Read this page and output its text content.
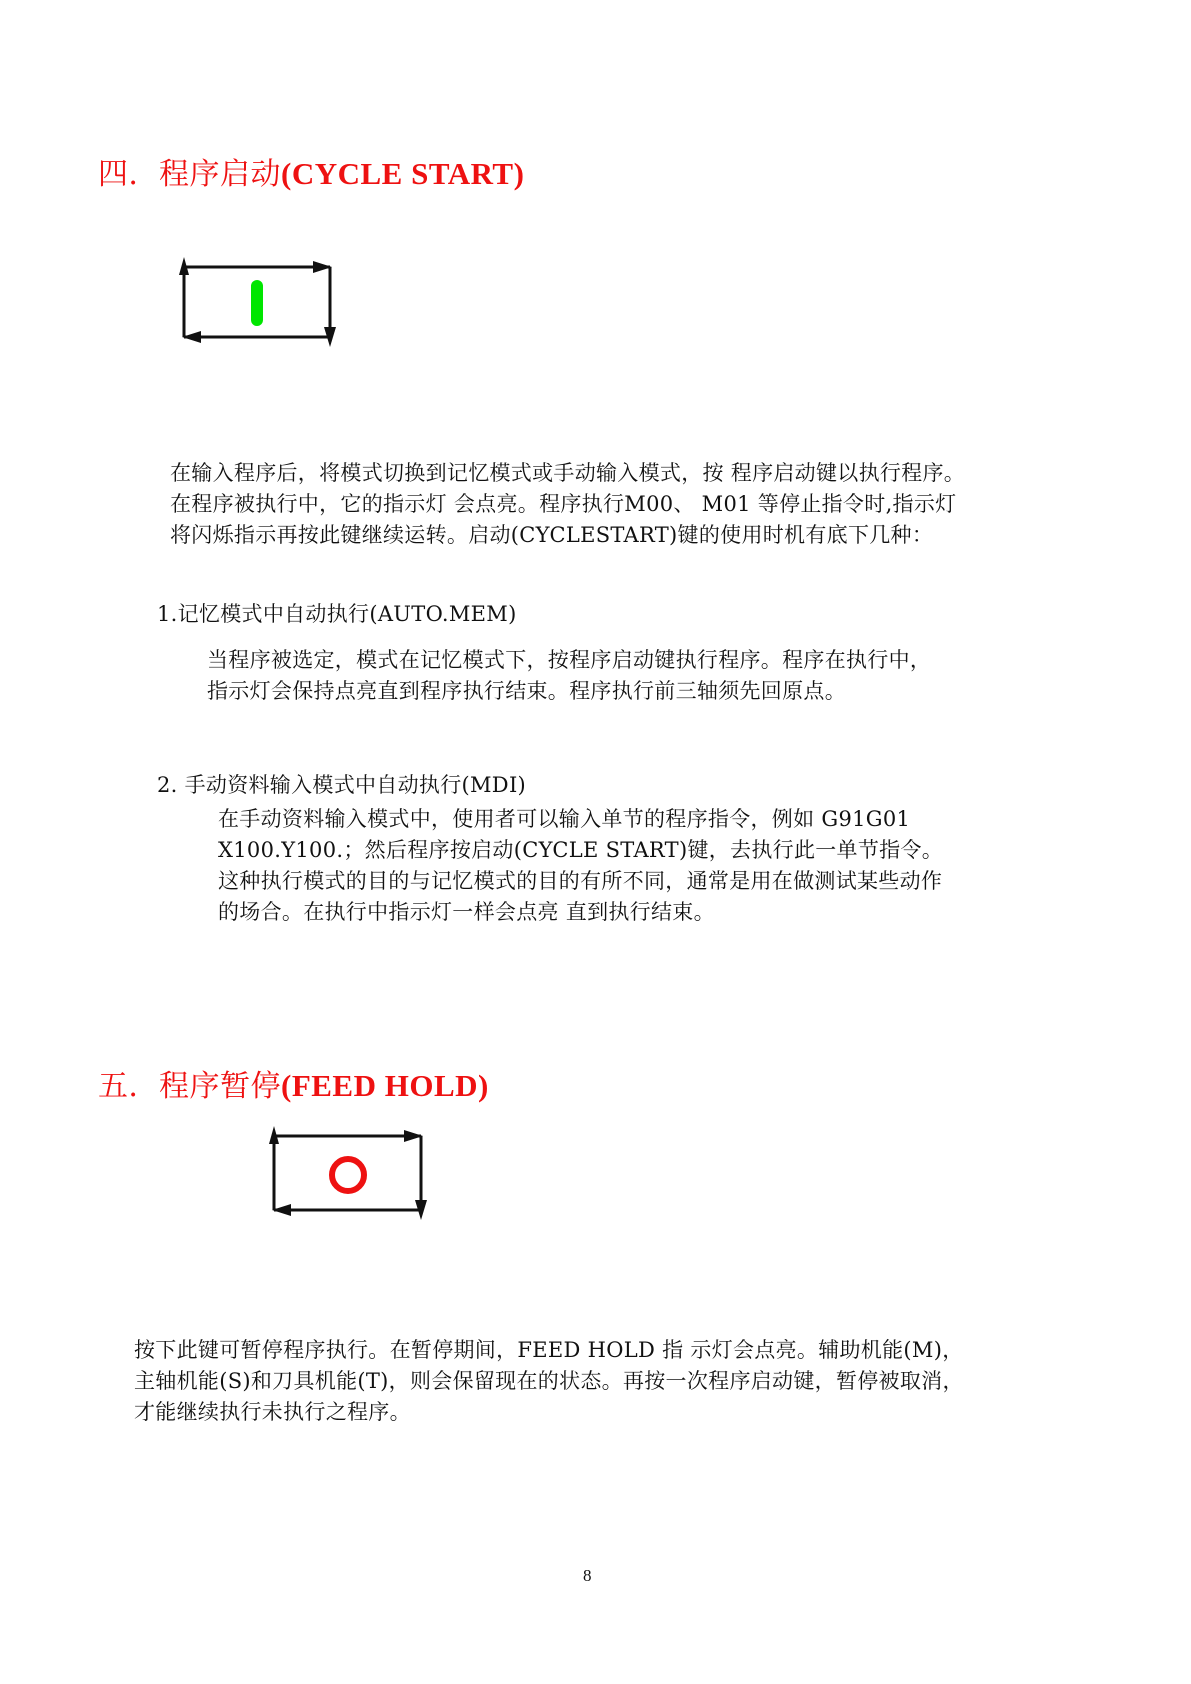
四．程序启动(CYCLE START)
在输入程序后，将模式切换到记忆模式或手动输入模式，按 程序启动键以执行程序。
在程序被执行中，它的指示灯 会点亮。程序执行M00、 M01 等停止指令时,指示灯
将闪烁指示再按此键继续运转。启动(CYCLESTART)键的使用时机有底下几种：
1.记忆模式中自动执行(AUTO.MEM)
当程序被选定，模式在记忆模式下，按程序启动键执行程序。程序在执行中，
指示灯会保持点亮直到程序执行结束。程序执行前三轴须先回原点。
2. 手动资料输入模式中自动执行(MDI)
在手动资料输入模式中，使用者可以输入单节的程序指令，例如 G91G01
X100.Y100.；然后程序按启动(CYCLE START)键，去执行此一单节指令。
这种执行模式的目的与记忆模式的目的有所不同，通常是用在做测试某些动作
的场合。在执行中指示灯一样会点亮 直到执行结束。
五．程序暂停(FEED HOLD)
按下此键可暂停程序执行。在暂停期间，FEED HOLD 指 示灯会点亮。辅助机能(M)，
主轴机能(S)和刀具机能(T)，则会保留现在的状态。再按一次程序启动键，暂停被取消，
才能继续执行未执行之程序。
8
